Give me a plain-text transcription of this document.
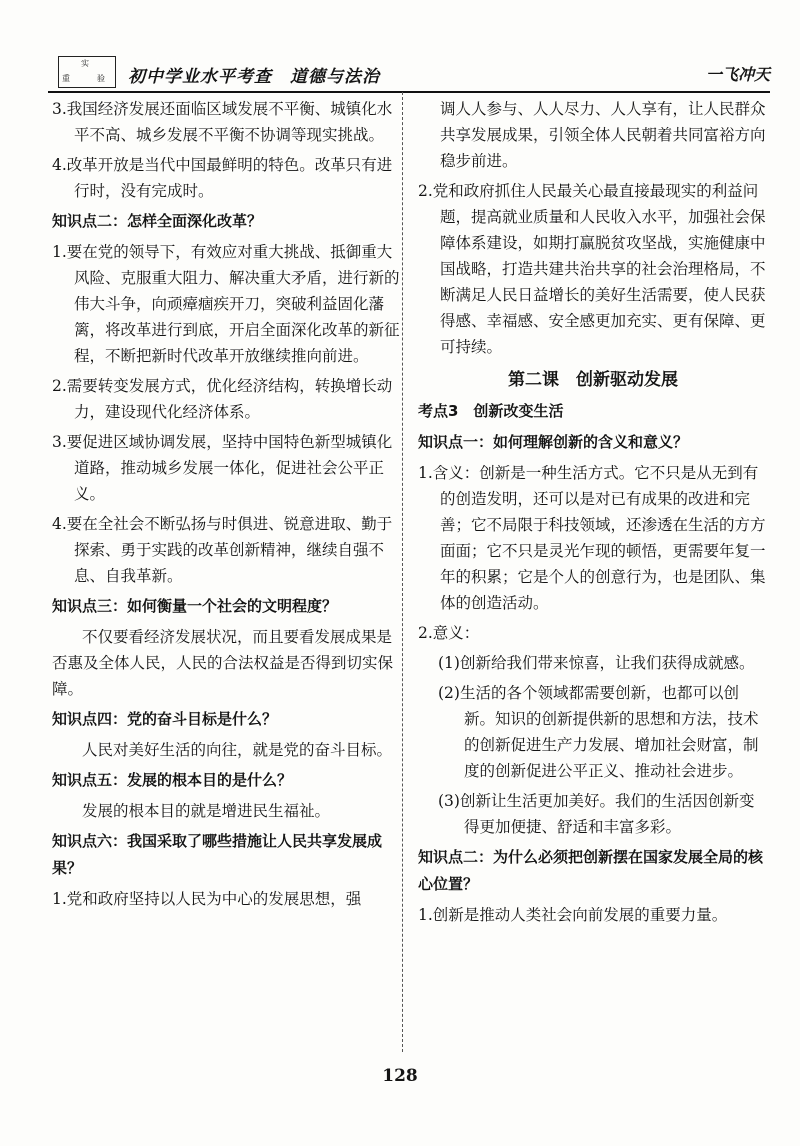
实
重	验 初中学业水平考查　道德与法治	一飞冲天

3.我国经济发展还面临区域发展不平衡、城镇化水平不高、城乡发展不平衡不协调等现实挑战。

4.改革开放是当代中国最鲜明的特色。改革只有进行时，没有完成时。

知识点二：怎样全面深化改革？

1.要在党的领导下，有效应对重大挑战、抵御重大风险、克服重大阻力、解决重大矛盾，进行新的伟大斗争，向顽瘴痼疾开刀，突破利益固化藩篱，将改革进行到底，开启全面深化改革的新征程，不断把新时代改革开放继续推向前进。

2.需要转变发展方式，优化经济结构，转换增长动力，建设现代化经济体系。

3.要促进区域协调发展，坚持中国特色新型城镇化道路，推动城乡发展一体化，促进社会公平正义。

4.要在全社会不断弘扬与时俱进、锐意进取、勤于探索、勇于实践的改革创新精神，继续自强不息、自我革新。

知识点三：如何衡量一个社会的文明程度？

不仅要看经济发展状况，而且要看发展成果是否惠及全体人民，人民的合法权益是否得到切实保障。

知识点四：党的奋斗目标是什么？

人民对美好生活的向往，就是党的奋斗目标。

知识点五：发展的根本目的是什么？

发展的根本目的就是增进民生福祉。

知识点六：我国采取了哪些措施让人民共享发展成果？

1.党和政府坚持以人民为中心的发展思想，强

调人人参与、人人尽力、人人享有，让人民群众共享发展成果，引领全体人民朝着共同富裕方向稳步前进。

2.党和政府抓住人民最关心最直接最现实的利益问题，提高就业质量和人民收入水平，加强社会保障体系建设，如期打赢脱贫攻坚战，实施健康中国战略，打造共建共治共享的社会治理格局，不断满足人民日益增长的美好生活需要，使人民获得感、幸福感、安全感更加充实、更有保障、更可持续。

第二课　创新驱动发展
考点3　创新改变生活
知识点一：如何理解创新的含义和意义？

1.含义：创新是一种生活方式。它不只是从无到有的创造发明，还可以是对已有成果的改进和完善；它不局限于科技领域，还渗透在生活的方方面面；它不只是灵光乍现的顿悟，更需要年复一年的积累；它是个人的创意行为，也是团队、集体的创造活动。

2.意义：

(1)创新给我们带来惊喜，让我们获得成就感。

(2)生活的各个领域都需要创新，也都可以创新。知识的创新提供新的思想和方法，技术的创新促进生产力发展、增加社会财富，制度的创新促进公平正义、推动社会进步。

(3)创新让生活更加美好。我们的生活因创新变得更加便捷、舒适和丰富多彩。

知识点二：为什么必须把创新摆在国家发展全局的核心位置？

1.创新是推动人类社会向前发展的重要力量。

128
